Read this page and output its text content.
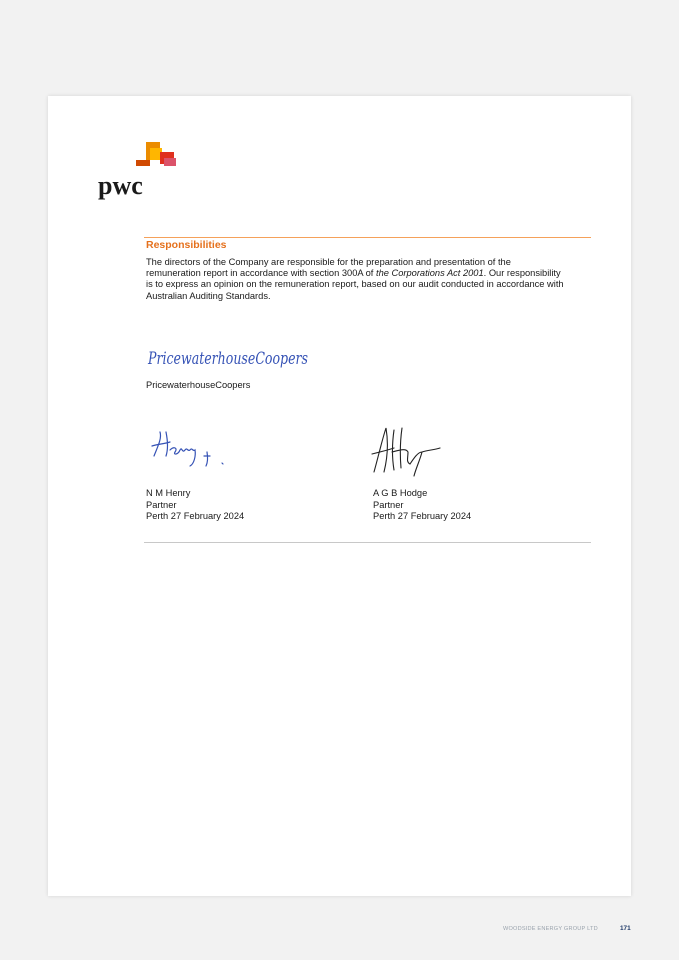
pwc
Responsibilities
The directors of the Company are responsible for the preparation and presentation of the
remuneration report in accordance with section 300A of the Corporations Act 2001. Our responsibility
is to express an opinion on the remuneration report, based on our audit conducted in accordance with
Australian Auditing Standards.
PricewaterhouseCoopers
PricewaterhouseCoopers
N M Henry
Partner
Perth 27 February 2024
A G B Hodge
Partner
Perth 27 February 2024
WOODSIDE ENERGY GROUP LTD	171
